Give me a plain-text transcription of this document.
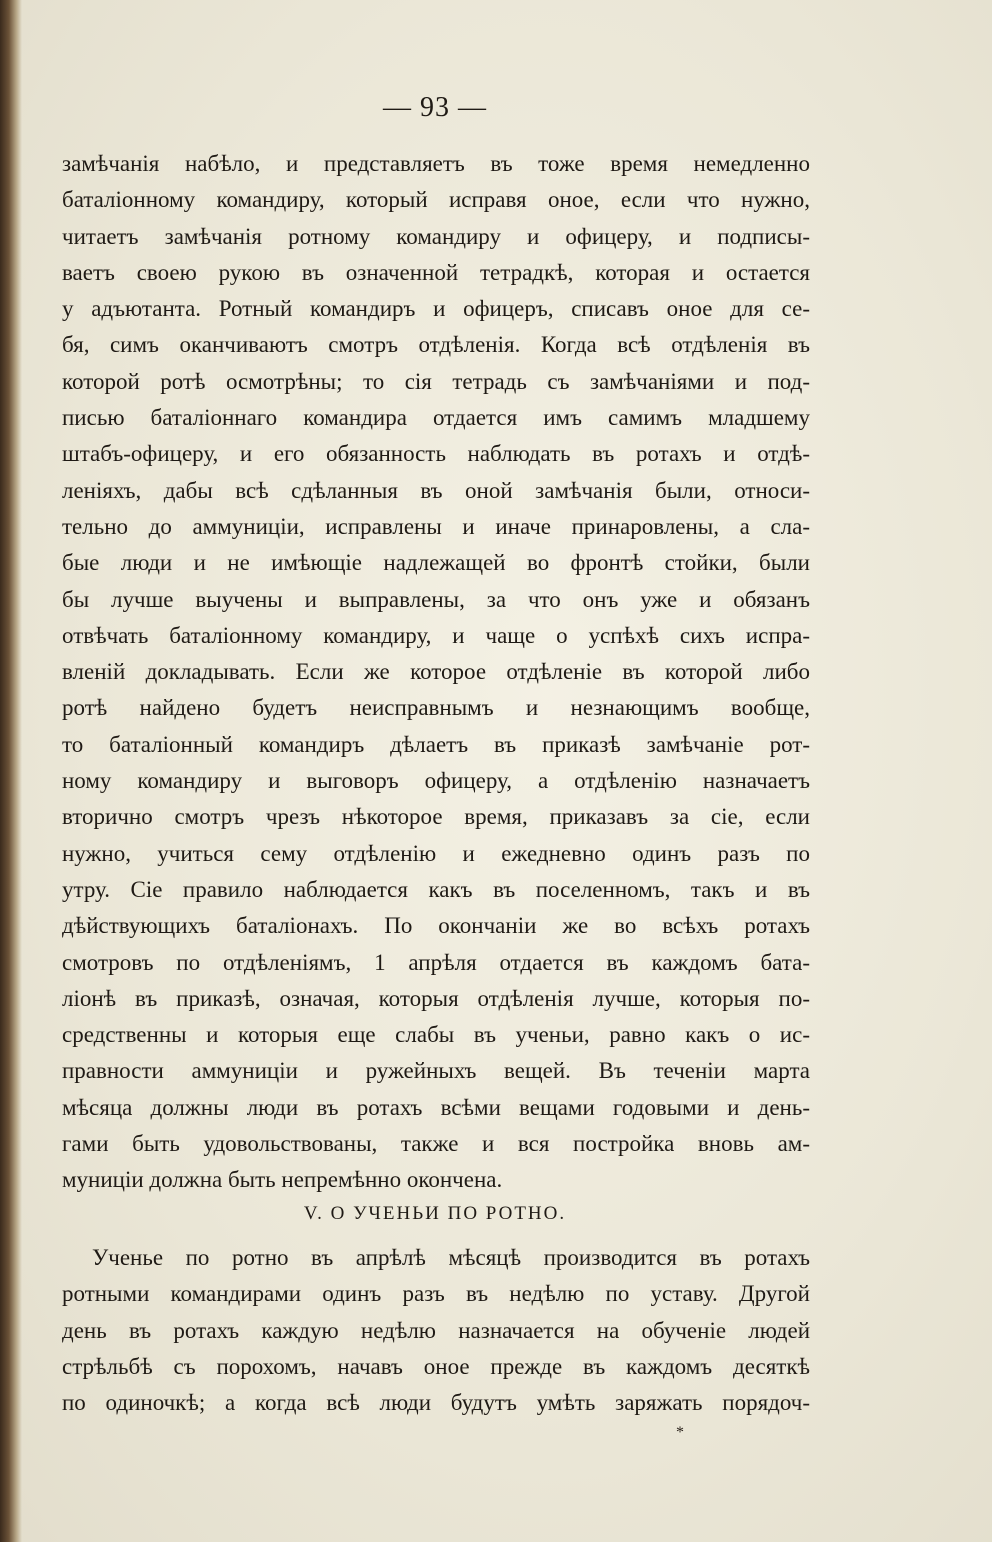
— 93 —
замѣчанія набѣло, и представляетъ въ тоже время немедленно
баталіонному командиру, который исправя оное, если что нужно,
читаетъ замѣчанія ротному командиру и офицеру, и подписы-
ваетъ своею рукою въ означенной тетрадкѣ, которая и остается
у адъютанта. Ротный командиръ и офицеръ, списавъ оное для се-
бя, симъ оканчиваютъ смотръ отдѣленія. Когда всѣ отдѣленія въ
которой ротѣ осмотрѣны; то сія тетрадь съ замѣчаніями и под-
писью баталіоннаго командира отдается имъ самимъ младшему
штабъ-офицеру, и его обязанность наблюдать въ ротахъ и отдѣ-
леніяхъ, дабы всѣ сдѣланныя въ оной замѣчанія были, относи-
тельно до аммуниціи, исправлены и иначе принаровлены, а сла-
быe люди и не имѣющіе надлежащей во фронтѣ стойки, были
бы лучше выучены и выправлены, за что онъ уже и обязанъ
отвѣчать баталіонному командиру, и чаще о успѣхѣ сихъ испра-
вленій докладывать. Если же которое отдѣленіе въ которой либо
ротѣ найдено будетъ неисправнымъ и незнающимъ вообще,
то баталіонный командиръ дѣлаетъ въ приказѣ замѣчаніе рот-
ному командиру и выговоръ офицеру, а отдѣленію назначаетъ
вторично смотръ чрезъ нѣкоторое время, приказавъ за сіе, если
нужно, учиться сему отдѣленію и ежедневно одинъ разъ по
утру. Сіе правило наблюдается какъ въ поселенномъ, такъ и въ
дѣйствующихъ баталіонахъ. По окончаніи же во всѣхъ ротахъ
смотровъ по отдѣленіямъ, 1 апрѣля отдается въ каждомъ бата-
ліонѣ въ приказѣ, означая, которыя отдѣленія лучше, которыя по-
средственны и которыя еще слабы въ ученьи, равно какъ о ис-
правности аммуниціи и ружейныхъ вещей. Въ теченіи марта
мѣсяца должны люди въ ротахъ всѣми вещами годовыми и день-
гами быть удовольствованы, также и вся постройка вновь ам-
муниціи должна быть непремѣнно окончена.
V. О УЧЕНЬИ ПО РОТНО.
Ученье по ротно въ апрѣлѣ мѣсяцѣ производится въ ротахъ
ротными командирами одинъ разъ въ недѣлю по уставу. Другой
день въ ротахъ каждую недѣлю назначается на обученіе людей
стрѣльбѣ съ порохомъ, начавъ оное прежде въ каждомъ десяткѣ
по одиночкѣ; а когда всѣ люди будутъ умѣть заряжать порядоч-
*
